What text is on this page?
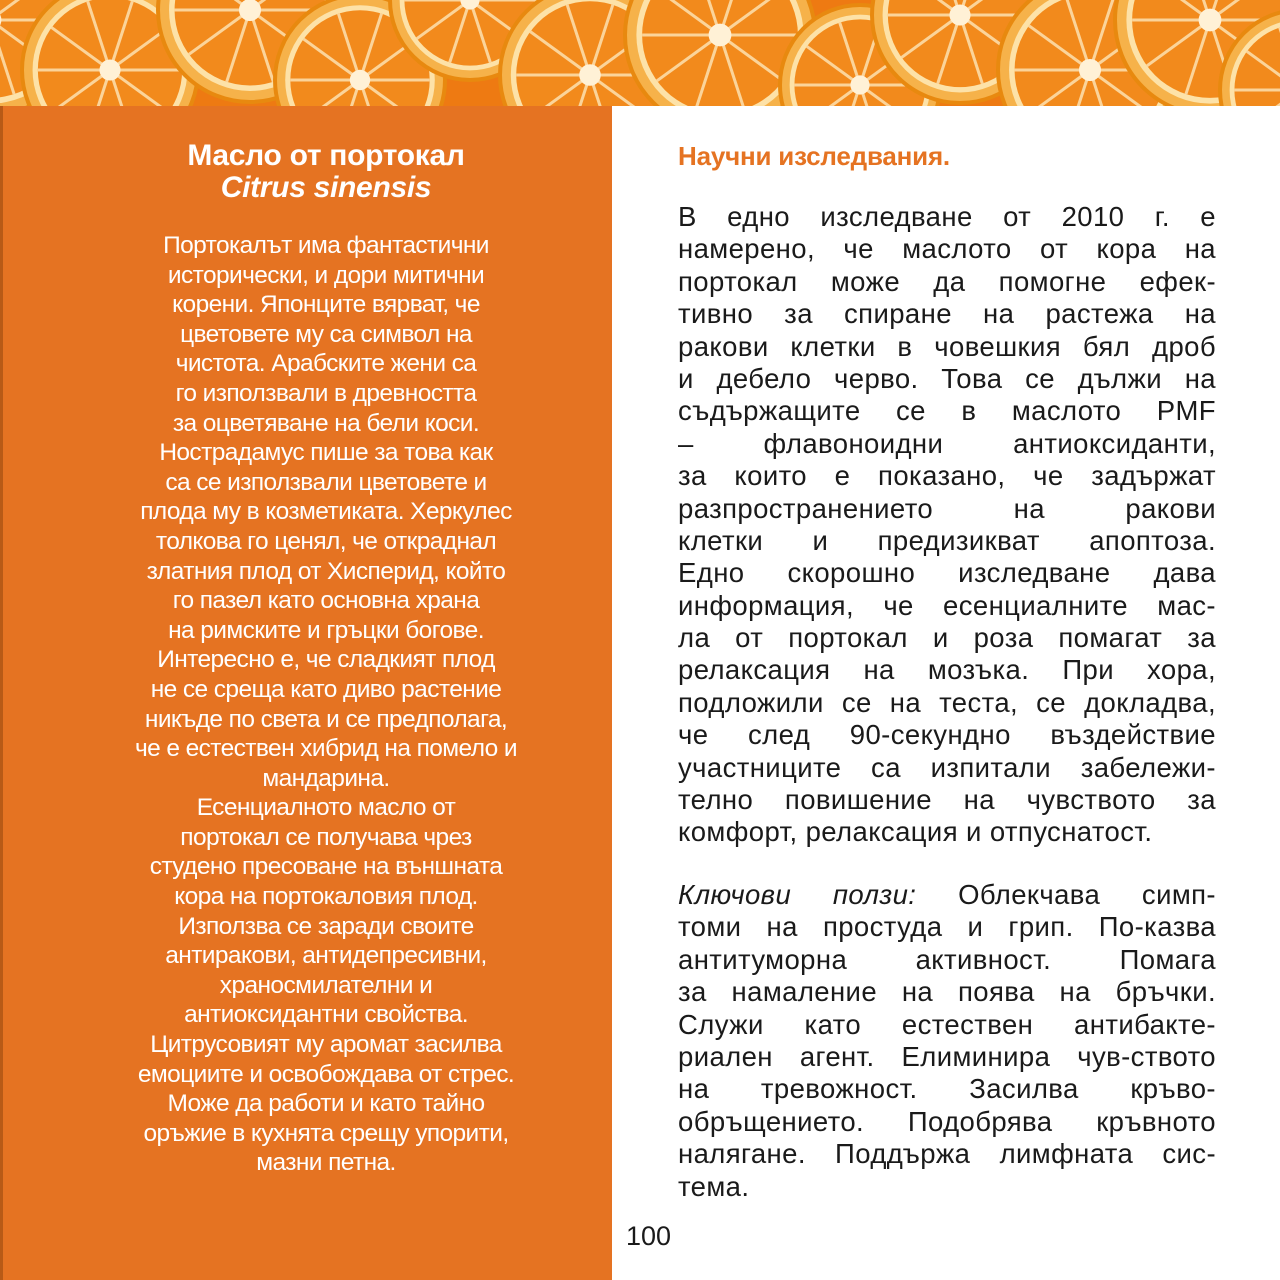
Масло от портокал
Citrus sinensis
Портокалът има фантастични
исторически, и дори митични
корени. Японците вярват, че
цветовете му са символ на
чистота. Арабските жени са
го използвали в древността
за оцветяване на бели коси.
Нострадамус пише за това как
са се използвали цветовете и
плода му в козметиката. Херкулес
толкова го ценял, че откраднал
златния плод от Хисперид, който
го пазел като основна храна
на римските и гръцки богове.
Интересно е, че сладкият плод
не се среща като диво растение
никъде по света и се предполага,
че е естествен хибрид на помело и
мандарина.
Есенциалното масло от
портокал се получава чрез
студено пресоване на външната
кора на портокаловия плод.
Използва се заради своите
антиракови, антидепресивни,
храносмилателни и
антиоксидантни свойства.
Цитрусовият му аромат засилва
емоциите и освобождава от стрес.
Може да работи и като тайно
оръжие в кухнята срещу упорити,
мазни петна.
Научни изследвания.
В едно изследване от 2010 г. е
намерено, че маслото от кора на
портокал може да помогне ефек-
тивно за спиране на растежа на
ракови клетки в човешкия бял дроб
и дебело черво. Това се дължи на
съдържащите се в маслото PMF
– флавоноидни антиоксиданти,
за които е показано, че задържат
разпространението на ракови
клетки и предизикват апоптоза.
Едно скорошно изследване дава
информация, че есенциалните мас-
ла от портокал и роза помагат за
релаксация на мозъка. При хора,
подложили се на теста, се докладва,
че след 90-секундно въздействие
участниците са изпитали забележи-
телно повишение на чувството за
комфорт, релаксация и отпуснатост.
Ключови ползи: Облекчава симп-
томи на простуда и грип. По-казва
антитуморна активност. Помага
за намаление на поява на бръчки.
Служи като естествен антибакте-
риален агент. Елиминира чув-ството
на тревожност. Засилва кръво-
обръщението. Подобрява кръвното
налягане. Поддържа лимфната сис-
тема.
100
